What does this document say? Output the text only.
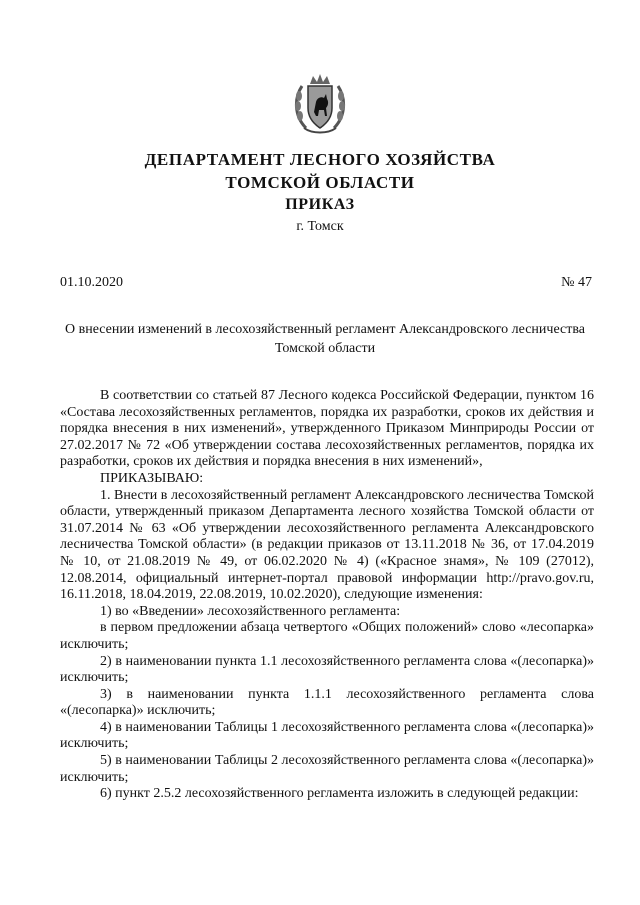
ДЕПАРТАМЕНТ ЛЕСНОГО ХОЗЯЙСТВА
ТОМСКОЙ ОБЛАСТИ
ПРИКАЗ
г. Томск
01.10.2020	№ 47
О внесении изменений в лесохозяйственный регламент Александровского лесничества
Томской области

В соответствии со статьей 87 Лесного кодекса Российской Федерации, пунктом 16 «Состава лесохозяйственных регламентов, порядка их разработки, сроков их действия и порядка внесения в них изменений», утвержденного Приказом Минприроды России от 27.02.2017 № 72 «Об утверждении состава лесохозяйственных регламентов, порядка их разработки, сроков их действия и порядка внесения в них изменений»,

ПРИКАЗЫВАЮ:

1. Внести в лесохозяйственный регламент Александровского лесничества Томской области, утвержденный приказом Департамента лесного хозяйства Томской области от 31.07.2014 № 63 «Об утверждении лесохозяйственного регламента Александровского лесничества Томской области» (в редакции приказов от 13.11.2018 № 36, от 17.04.2019 № 10, от 21.08.2019 № 49, от 06.02.2020 № 4) («Красное знамя», № 109 (27012), 12.08.2014, официальный интернет-портал правовой информации http://pravo.gov.ru, 16.11.2018, 18.04.2019, 22.08.2019, 10.02.2020), следующие изменения:

1) во «Введении» лесохозяйственного регламента:

в первом предложении абзаца четвертого «Общих положений» слово «лесопарка» исключить;

2) в наименовании пункта 1.1 лесохозяйственного регламента слова «(лесопарка)» исключить;

3) в наименовании пункта 1.1.1 лесохозяйственного регламента слова «(лесопарка)» исключить;

4) в наименовании Таблицы 1 лесохозяйственного регламента слова «(лесопарка)» исключить;

5) в наименовании Таблицы 2 лесохозяйственного регламента слова «(лесопарка)» исключить;

6) пункт 2.5.2 лесохозяйственного регламента изложить в следующей редакции:
